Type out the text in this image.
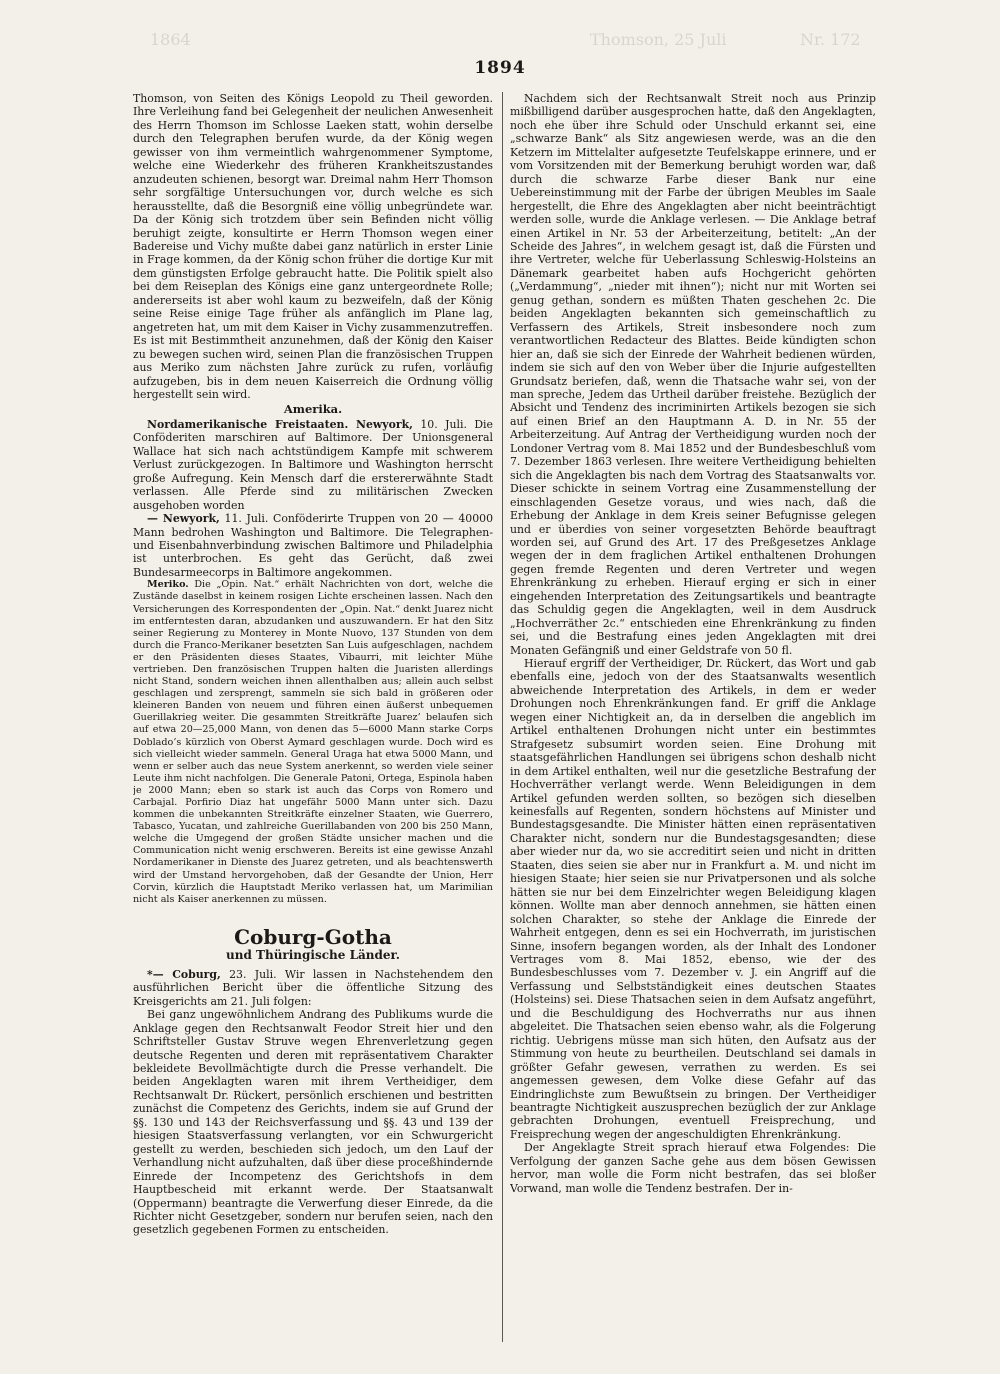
1864	Thomson, 25 Juli	Nr. 172
1894

Thomson, von Seiten des Königs Leopold zu Theil geworden. Ihre Verleihung fand bei Gelegenheit der neulichen Anwesenheit des Herrn Thomson im Schlosse Laeken statt, wohin derselbe durch den Telegraphen berufen wurde, da der König wegen gewisser von ihm vermeintlich wahrgenommener Symptome, welche eine Wiederkehr des früheren Krankheitszustandes anzudeuten schienen, besorgt war. Dreimal nahm Herr Thomson sehr sorgfältige Untersuchungen vor, durch welche es sich herausstellte, daß die Besorgniß eine völlig unbegründete war. Da der König sich trotzdem über sein Befinden nicht völlig beruhigt zeigte, konsultirte er Herrn Thomson wegen einer Badereise und Vichy mußte dabei ganz natürlich in erster Linie in Frage kommen, da der König schon früher die dortige Kur mit dem günstigsten Erfolge gebraucht hatte. Die Politik spielt also bei dem Reiseplan des Königs eine ganz untergeordnete Rolle; andererseits ist aber wohl kaum zu bezweifeln, daß der König seine Reise einige Tage früher als anfänglich im Plane lag, angetreten hat, um mit dem Kaiser in Vichy zusammenzutreffen. Es ist mit Bestimmtheit anzunehmen, daß der König den Kaiser zu bewegen suchen wird, seinen Plan die französischen Truppen aus Meriko zum nächsten Jahre zurück zu rufen, vorläufig aufzugeben, bis in dem neuen Kaiserreich die Ordnung völlig hergestellt sein wird.

Amerika.

Nordamerikanische Freistaaten. Newyork, 10. Juli. Die Conföderiten marschiren auf Baltimore. Der Unionsgeneral Wallace hat sich nach achtstündigem Kampfe mit schwerem Verlust zurückgezogen. In Baltimore und Washington herrscht große Aufregung. Kein Mensch darf die erstererwähnte Stadt verlassen. Alle Pferde sind zu militärischen Zwecken ausgehoben worden

— Newyork, 11. Juli. Conföderirte Truppen von 20 — 40000 Mann bedrohen Washington und Baltimore. Die Telegraphen- und Eisenbahnverbindung zwischen Baltimore und Philadelphia ist unterbrochen. Es geht das Gerücht, daß zwei Bundesarmeecorps in Baltimore angekommen.

Meriko. Die „Opin. Nat.“ erhält Nachrichten von dort, welche die Zustände daselbst in keinem rosigen Lichte erscheinen lassen. Nach den Versicherungen des Korrespondenten der „Opin. Nat.“ denkt Juarez nicht im entferntesten daran, abzudanken und auszuwandern. Er hat den Sitz seiner Regierung zu Monterey in Monte Nuovo, 137 Stunden von dem durch die Franco-Merikaner besetzten San Luis aufgeschlagen, nachdem er den Präsidenten dieses Staates, Vibaurri, mit leichter Mühe vertrieben. Den französischen Truppen halten die Juaristen allerdings nicht Stand, sondern weichen ihnen allenthalben aus; allein auch selbst geschlagen und zersprengt, sammeln sie sich bald in größeren oder kleineren Banden von neuem und führen einen äußerst unbequemen Guerillakrieg weiter. Die gesammten Streitkräfte Juarez’ belaufen sich auf etwa 20—25,000 Mann, von denen das 5—6000 Mann starke Corps Doblado’s kürzlich von Oberst Aymard geschlagen wurde. Doch wird es sich vielleicht wieder sammeln. General Uraga hat etwa 5000 Mann, und wenn er selber auch das neue System anerkennt, so werden viele seiner Leute ihm nicht nachfolgen. Die Generale Patoni, Ortega, Espinola haben je 2000 Mann; eben so stark ist auch das Corps von Romero und Carbajal. Porfirio Diaz hat ungefähr 5000 Mann unter sich. Dazu kommen die unbekannten Streitkräfte einzelner Staaten, wie Guerrero, Tabasco, Yucatan, und zahlreiche Guerillabanden von 200 bis 250 Mann, welche die Umgegend der großen Städte unsicher machen und die Communication nicht wenig erschweren. Bereits ist eine gewisse Anzahl Nordamerikaner in Dienste des Juarez getreten, und als beachtenswerth wird der Umstand hervorgehoben, daß der Gesandte der Union, Herr Corvin, kürzlich die Hauptstadt Meriko verlassen hat, um Marimilian nicht als Kaiser anerkennen zu müssen.

Coburg-Gotha
und Thüringische Länder.

*— Coburg, 23. Juli. Wir lassen in Nachstehendem den ausführlichen Bericht über die öffentliche Sitzung des Kreisgerichts am 21. Juli folgen:

Bei ganz ungewöhnlichem Andrang des Publikums wurde die Anklage gegen den Rechtsanwalt Feodor Streit hier und den Schriftsteller Gustav Struve wegen Ehrenverletzung gegen deutsche Regenten und deren mit repräsentativem Charakter bekleidete Bevollmächtigte durch die Presse verhandelt. Die beiden Angeklagten waren mit ihrem Vertheidiger, dem Rechtsanwalt Dr. Rückert, persönlich erschienen und bestritten zunächst die Competenz des Gerichts, indem sie auf Grund der §§. 130 und 143 der Reichsverfassung und §§. 43 und 139 der hiesigen Staatsverfassung verlangten, vor ein Schwurgericht gestellt zu werden, beschieden sich jedoch, um den Lauf der Verhandlung nicht aufzuhalten, daß über diese proceßhindernde Einrede der Incompetenz des Gerichtshofs in dem Hauptbescheid mit erkannt werde. Der Staatsanwalt (Oppermann) beantragte die Verwerfung dieser Einrede, da die Richter nicht Gesetzgeber, sondern nur berufen seien, nach den gesetzlich gegebenen Formen zu entscheiden.

Nachdem sich der Rechtsanwalt Streit noch aus Prinzip mißbilligend darüber ausgesprochen hatte, daß den Angeklagten, noch ehe über ihre Schuld oder Unschuld erkannt sei, eine „schwarze Bank“ als Sitz angewiesen werde, was an die den Ketzern im Mittelalter aufgesetzte Teufelskappe erinnere, und er vom Vorsitzenden mit der Bemerkung beruhigt worden war, daß durch die schwarze Farbe dieser Bank nur eine Uebereinstimmung mit der Farbe der übrigen Meubles im Saale hergestellt, die Ehre des Angeklagten aber nicht beeinträchtigt werden solle, wurde die Anklage verlesen. — Die Anklage betraf einen Artikel in Nr. 53 der Arbeiterzeitung, betitelt: „An der Scheide des Jahres“, in welchem gesagt ist, daß die Fürsten und ihre Vertreter, welche für Ueberlassung Schleswig-Holsteins an Dänemark gearbeitet haben aufs Hochgericht gehörten („Verdammung“, „nieder mit ihnen“); nicht nur mit Worten sei genug gethan, sondern es müßten Thaten geschehen 2c. Die beiden Angeklagten bekannten sich gemeinschaftlich zu Verfassern des Artikels, Streit insbesondere noch zum verantwortlichen Redacteur des Blattes. Beide kündigten schon hier an, daß sie sich der Einrede der Wahrheit bedienen würden, indem sie sich auf den von Weber über die Injurie aufgestellten Grundsatz beriefen, daß, wenn die Thatsache wahr sei, von der man spreche, Jedem das Urtheil darüber freistehe. Bezüglich der Absicht und Tendenz des incriminirten Artikels bezogen sie sich auf einen Brief an den Hauptmann A. D. in Nr. 55 der Arbeiterzeitung. Auf Antrag der Vertheidigung wurden noch der Londoner Vertrag vom 8. Mai 1852 und der Bundesbeschluß vom 7. Dezember 1863 verlesen. Ihre weitere Vertheidigung behielten sich die Angeklagten bis nach dem Vortrag des Staatsanwalts vor. Dieser schickte in seinem Vortrag eine Zusammenstellung der einschlagenden Gesetze voraus, und wies nach, daß die Erhebung der Anklage in dem Kreis seiner Befugnisse gelegen und er überdies von seiner vorgesetzten Behörde beauftragt worden sei, auf Grund des Art. 17 des Preßgesetzes Anklage wegen der in dem fraglichen Artikel enthaltenen Drohungen gegen fremde Regenten und deren Vertreter und wegen Ehrenkränkung zu erheben. Hierauf erging er sich in einer eingehenden Interpretation des Zeitungsartikels und beantragte das Schuldig gegen die Angeklagten, weil in dem Ausdruck „Hochverräther 2c.“ entschieden eine Ehrenkränkung zu finden sei, und die Bestrafung eines jeden Angeklagten mit drei Monaten Gefängniß und einer Geldstrafe von 50 fl.

Hierauf ergriff der Vertheidiger, Dr. Rückert, das Wort und gab ebenfalls eine, jedoch von der des Staatsanwalts wesentlich abweichende Interpretation des Artikels, in dem er weder Drohungen noch Ehrenkränkungen fand. Er griff die Anklage wegen einer Nichtigkeit an, da in derselben die angeblich im Artikel enthaltenen Drohungen nicht unter ein bestimmtes Strafgesetz subsumirt worden seien. Eine Drohung mit staatsgefährlichen Handlungen sei übrigens schon deshalb nicht in dem Artikel enthalten, weil nur die gesetzliche Bestrafung der Hochverräther verlangt werde. Wenn Beleidigungen in dem Artikel gefunden werden sollten, so bezögen sich dieselben keinesfalls auf Regenten, sondern höchstens auf Minister und Bundestagsgesandte. Die Minister hätten einen repräsentativen Charakter nicht, sondern nur die Bundestagsgesandten; diese aber wieder nur da, wo sie accreditirt seien und nicht in dritten Staaten, dies seien sie aber nur in Frankfurt a. M. und nicht im hiesigen Staate; hier seien sie nur Privatpersonen und als solche hätten sie nur bei dem Einzelrichter wegen Beleidigung klagen können. Wollte man aber dennoch annehmen, sie hätten einen solchen Charakter, so stehe der Anklage die Einrede der Wahrheit entgegen, denn es sei ein Hochverrath, im juristischen Sinne, insofern begangen worden, als der Inhalt des Londoner Vertrages vom 8. Mai 1852, ebenso, wie der des Bundesbeschlusses vom 7. Dezember v. J. ein Angriff auf die Verfassung und Selbstständigkeit eines deutschen Staates (Holsteins) sei. Diese Thatsachen seien in dem Aufsatz angeführt, und die Beschuldigung des Hochverraths nur aus ihnen abgeleitet. Die Thatsachen seien ebenso wahr, als die Folgerung richtig. Uebrigens müsse man sich hüten, den Aufsatz aus der Stimmung von heute zu beurtheilen. Deutschland sei damals in größter Gefahr gewesen, verrathen zu werden. Es sei angemessen gewesen, dem Volke diese Gefahr auf das Eindringlichste zum Bewußtsein zu bringen. Der Vertheidiger beantragte Nichtigkeit auszusprechen bezüglich der zur Anklage gebrachten Drohungen, eventuell Freisprechung, und Freisprechung wegen der angeschuldigten Ehrenkränkung.

Der Angeklagte Streit sprach hierauf etwa Folgendes: Die Verfolgung der ganzen Sache gehe aus dem bösen Gewissen hervor, man wolle die Form nicht bestrafen, das sei bloßer Vorwand, man wolle die Tendenz bestrafen. Der in-
